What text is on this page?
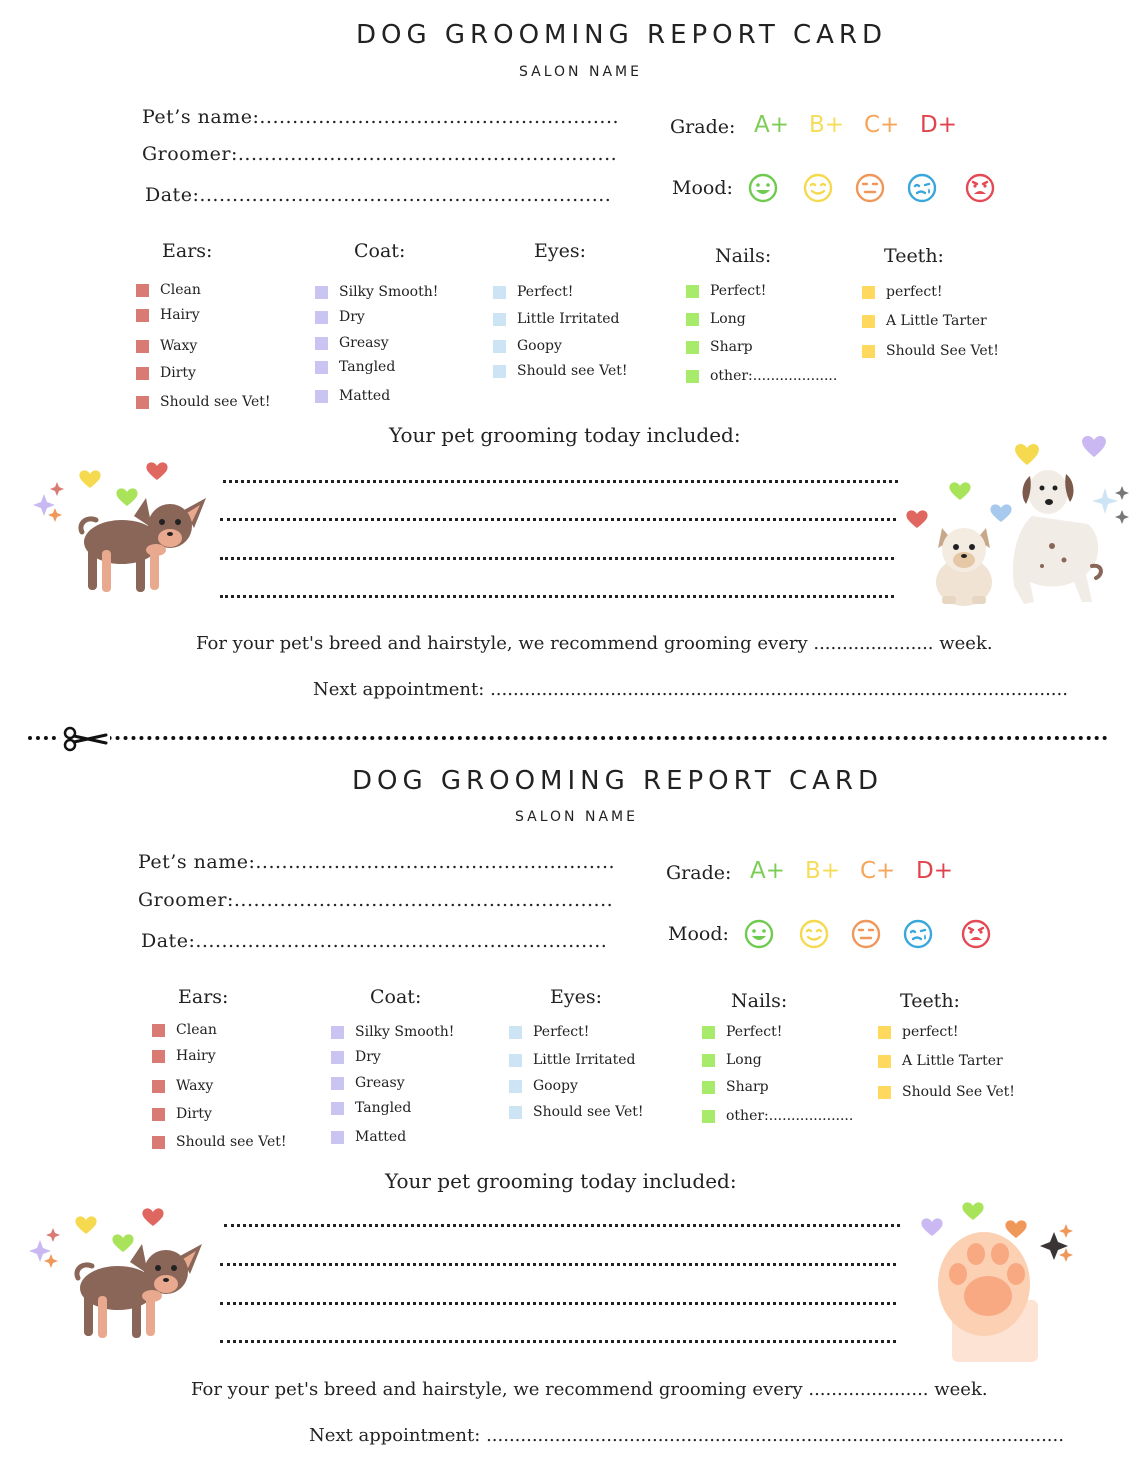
DOG GROOMING REPORT CARD
SALON NAME
Pet’s name:.......................................................
Groomer:..........................................................
Date:...............................................................
Grade: A+ B+ C+ D+
Mood:
Ears:
Clean
Hairy
Waxy
Dirty
Should see Vet!
Coat:
Silky Smooth!
Dry
Greasy
Tangled
Matted
Eyes:
Perfect!
Little Irritated
Goopy
Should see Vet!
Nails:
Perfect!
Long
Sharp
other:...................
Teeth:
perfect!
A Little Tarter
Should See Vet!
Your pet grooming today included:
For your pet's breed and hairstyle, we recommend grooming every ..................... week.
Next appointment: .....................................................................................................
DOG GROOMING REPORT CARD
SALON NAME
Pet’s name:.......................................................
Groomer:..........................................................
Date:...............................................................
Grade: A+ B+ C+ D+
Mood:
Ears:
Clean
Hairy
Waxy
Dirty
Should see Vet!
Coat:
Silky Smooth!
Dry
Greasy
Tangled
Matted
Eyes:
Perfect!
Little Irritated
Goopy
Should see Vet!
Nails:
Perfect!
Long
Sharp
other:...................
Teeth:
perfect!
A Little Tarter
Should See Vet!
Your pet grooming today included:
For your pet's breed and hairstyle, we recommend grooming every ..................... week.
Next appointment: .....................................................................................................
